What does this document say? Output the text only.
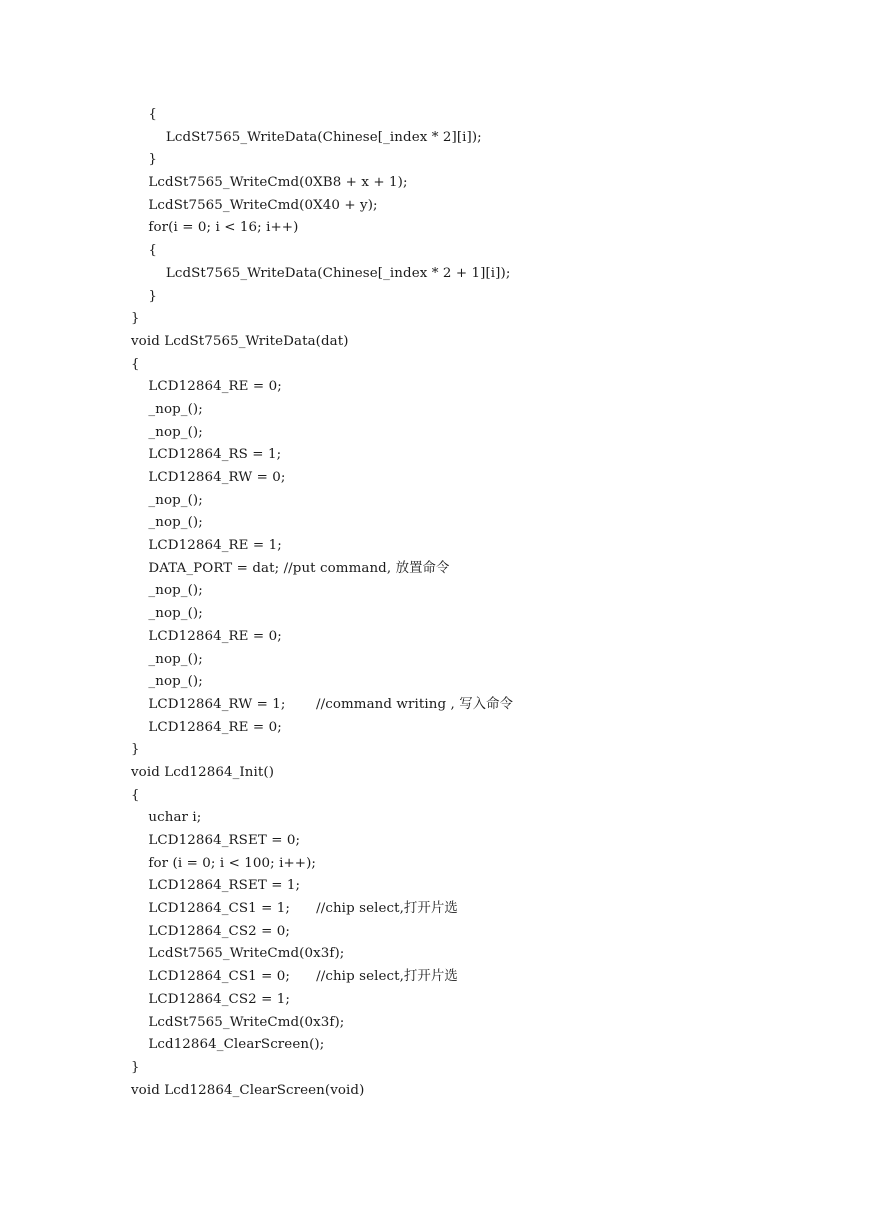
{
LcdSt7565_WriteData(Chinese[_index * 2][i]);
}
LcdSt7565_WriteCmd(0XB8 + x + 1);
LcdSt7565_WriteCmd(0X40 + y);
for(i = 0; i < 16; i++)
{
LcdSt7565_WriteData(Chinese[_index * 2 + 1][i]);
}
}
void LcdSt7565_WriteData(dat)
{
LCD12864_RE = 0;
_nop_();
_nop_();
LCD12864_RS = 1;
LCD12864_RW = 0;
_nop_();
_nop_();
LCD12864_RE = 1;
DATA_PORT = dat; //put command, 放置命令
_nop_();
_nop_();
LCD12864_RE = 0;
_nop_();
_nop_();
LCD12864_RW = 1;       //command writing , 写入命令
LCD12864_RE = 0;
}
void Lcd12864_Init()
{
uchar i;
LCD12864_RSET = 0;
for (i = 0; i < 100; i++);
LCD12864_RSET = 1;
LCD12864_CS1 = 1;      //chip select,打开片选
LCD12864_CS2 = 0;
LcdSt7565_WriteCmd(0x3f);
LCD12864_CS1 = 0;      //chip select,打开片选
LCD12864_CS2 = 1;
LcdSt7565_WriteCmd(0x3f);
Lcd12864_ClearScreen();
}
void Lcd12864_ClearScreen(void)
